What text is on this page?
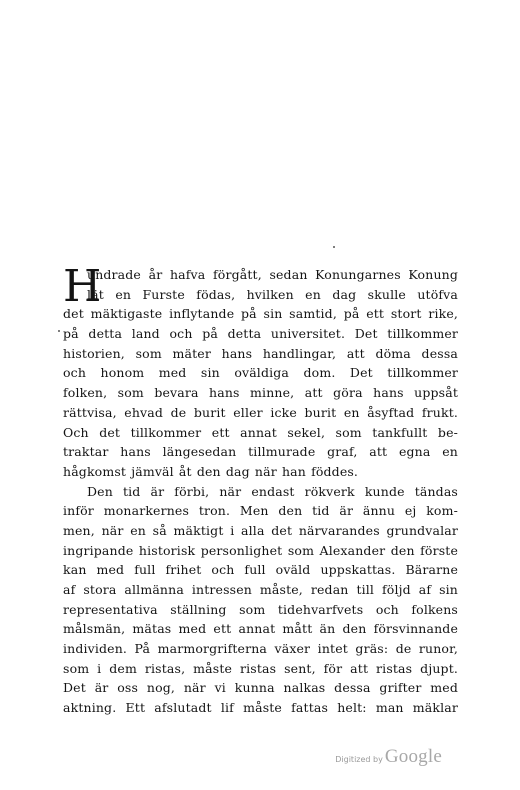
H
undrade år hafva förgått, sedan Konungarnes Konung
lät en Furste födas, hvilken en dag skulle utöfva
det mäktigaste inflytande på sin samtid, på ett stort rike,
på detta land och på detta universitet. Det tillkommer
historien, som mäter hans handlingar, att döma dessa
och honom med sin oväldiga dom. Det tillkommer
folken, som bevara hans minne, att göra hans uppsåt
rättvisa, ehvad de burit eller icke burit en åsyftad frukt.
Och det tillkommer ett annat sekel, som tankfullt be-
traktar hans längesedan tillmurade graf, att egna en
hågkomst jämväl åt den dag när han föddes.
Den tid är förbi, när endast rökverk kunde tändas
inför monarkernes tron. Men den tid är ännu ej kom-
men, när en så mäktigt i alla det närvarandes grundvalar
ingripande historisk personlighet som Alexander den förste
kan med full frihet och full oväld uppskattas. Bärarne
af stora allmänna intressen måste, redan till följd af sin
representativa ställning som tidehvarfvets och folkens
målsmän, mätas med ett annat mått än den försvinnande
individen. På marmorgrifterna växer intet gräs: de runor,
som i dem ristas, måste ristas sent, för att ristas djupt.
Det är oss nog, när vi kunna nalkas dessa grifter med
aktning. Ett afslutadt lif måste fattas helt: man mäklar
Digitized by Google
